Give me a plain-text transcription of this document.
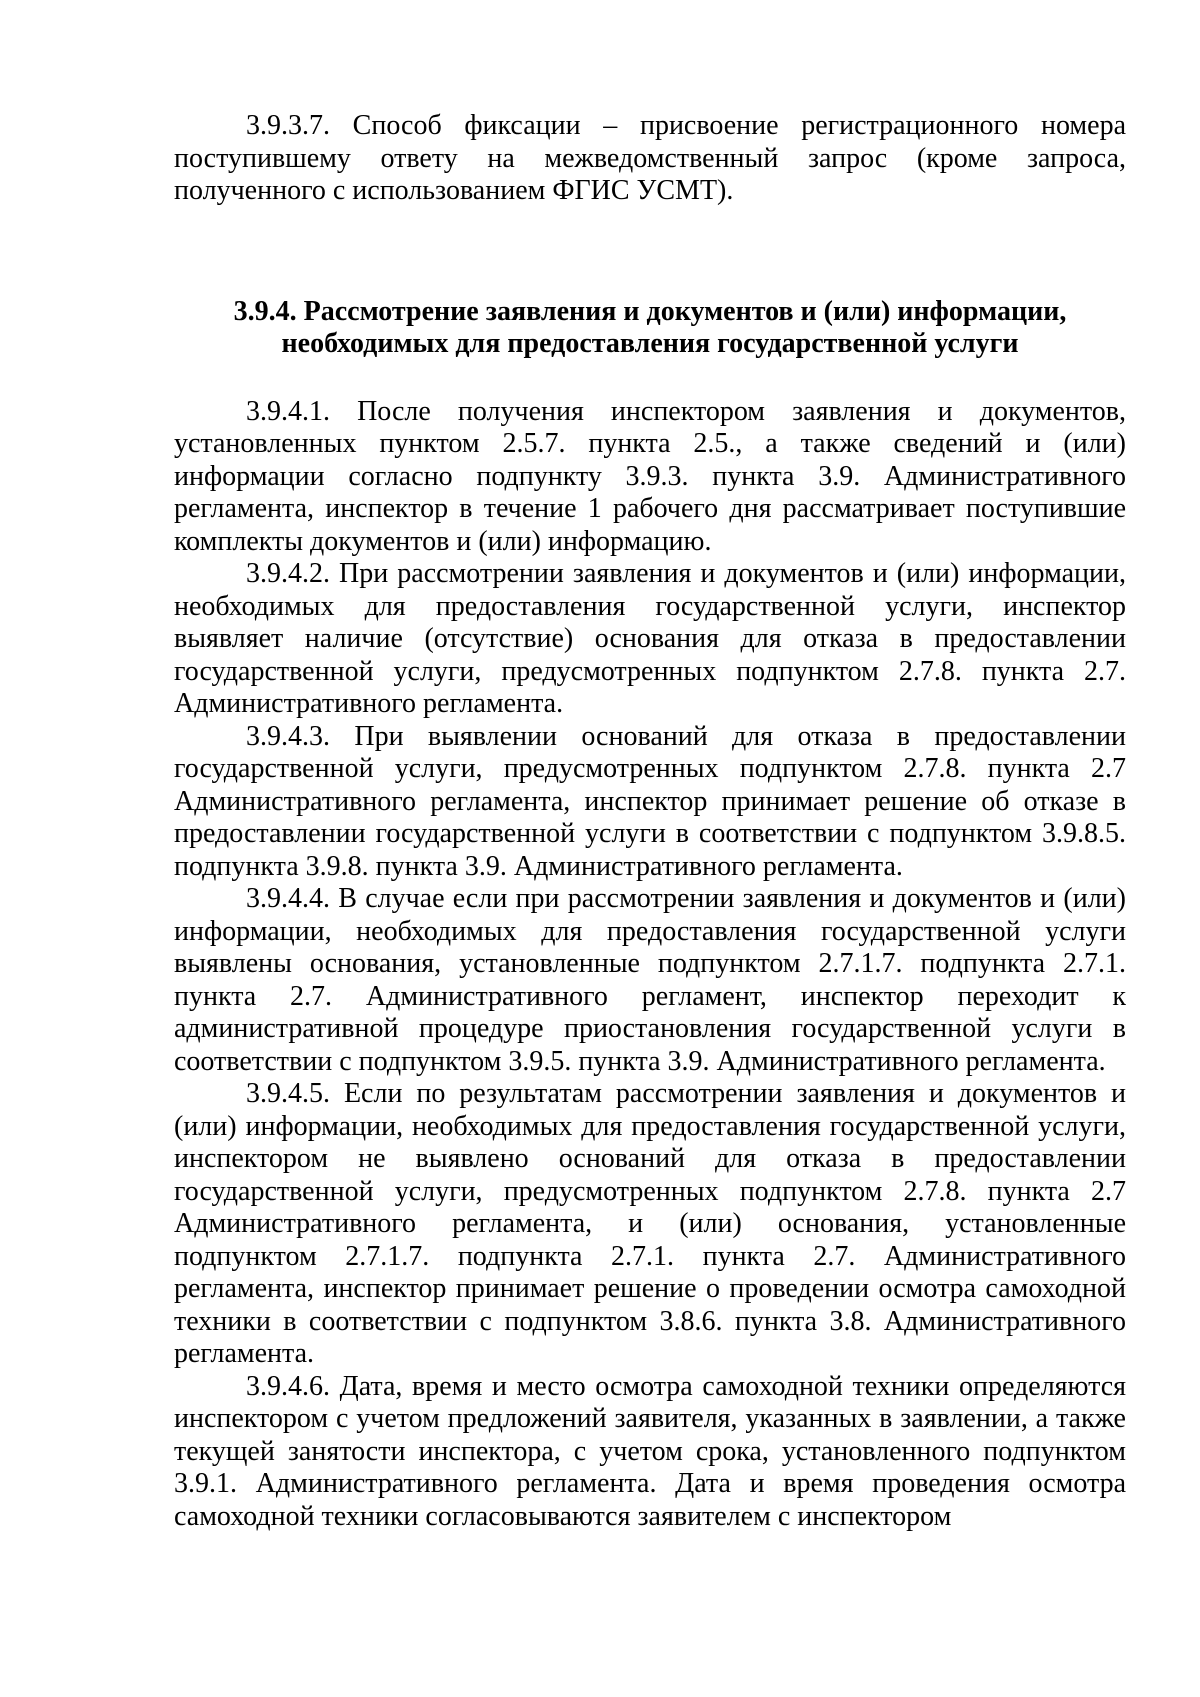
3.9.3.7. Способ фиксации – присвоение регистрационного номера поступившему ответу на межведомственный запрос (кроме запроса, полученного с использованием ФГИС УСМТ).

3.9.4. Рассмотрение заявления и документов и (или) информации,
необходимых для предоставления государственной услуги

3.9.4.1. После получения инспектором заявления и документов, установленных пунктом 2.5.7. пункта 2.5., а также сведений и (или) информации согласно подпункту 3.9.3. пункта 3.9. Административного регламента, инспектор в течение 1 рабочего дня рассматривает поступившие комплекты документов и (или) информацию.

3.9.4.2. При рассмотрении заявления и документов и (или) информации, необходимых для предоставления государственной услуги, инспектор выявляет наличие (отсутствие) основания для отказа в предоставлении государственной услуги, предусмотренных подпунктом 2.7.8. пункта 2.7. Административного регламента.

3.9.4.3. При выявлении оснований для отказа в предоставлении государственной услуги, предусмотренных подпунктом 2.7.8. пункта 2.7 Административного регламента, инспектор принимает решение об отказе в предоставлении государственной услуги в соответствии с подпунктом 3.9.8.5. подпункта 3.9.8. пункта 3.9. Административного регламента.

3.9.4.4. В случае если при рассмотрении заявления и документов и (или) информации, необходимых для предоставления государственной услуги выявлены основания, установленные подпунктом 2.7.1.7. подпункта 2.7.1. пункта 2.7. Административного регламент, инспектор переходит к административной процедуре приостановления государственной услуги в соответствии с подпунктом 3.9.5. пункта 3.9. Административного регламента.

3.9.4.5. Если по результатам рассмотрении заявления и документов и (или) информации, необходимых для предоставления государственной услуги, инспектором не выявлено оснований для отказа в предоставлении государственной услуги, предусмотренных подпунктом 2.7.8. пункта 2.7 Административного регламента, и (или) основания, установленные подпунктом 2.7.1.7. подпункта 2.7.1. пункта 2.7. Административного регламента, инспектор принимает решение о проведении осмотра самоходной техники в соответствии с подпунктом 3.8.6. пункта 3.8. Административного регламента.

3.9.4.6. Дата, время и место осмотра самоходной техники определяются инспектором с учетом предложений заявителя, указанных в заявлении, а также текущей занятости инспектора, с учетом срока, установленного подпунктом 3.9.1. Административного регламента. Дата и время проведения осмотра самоходной техники согласовываются заявителем с инспектором
